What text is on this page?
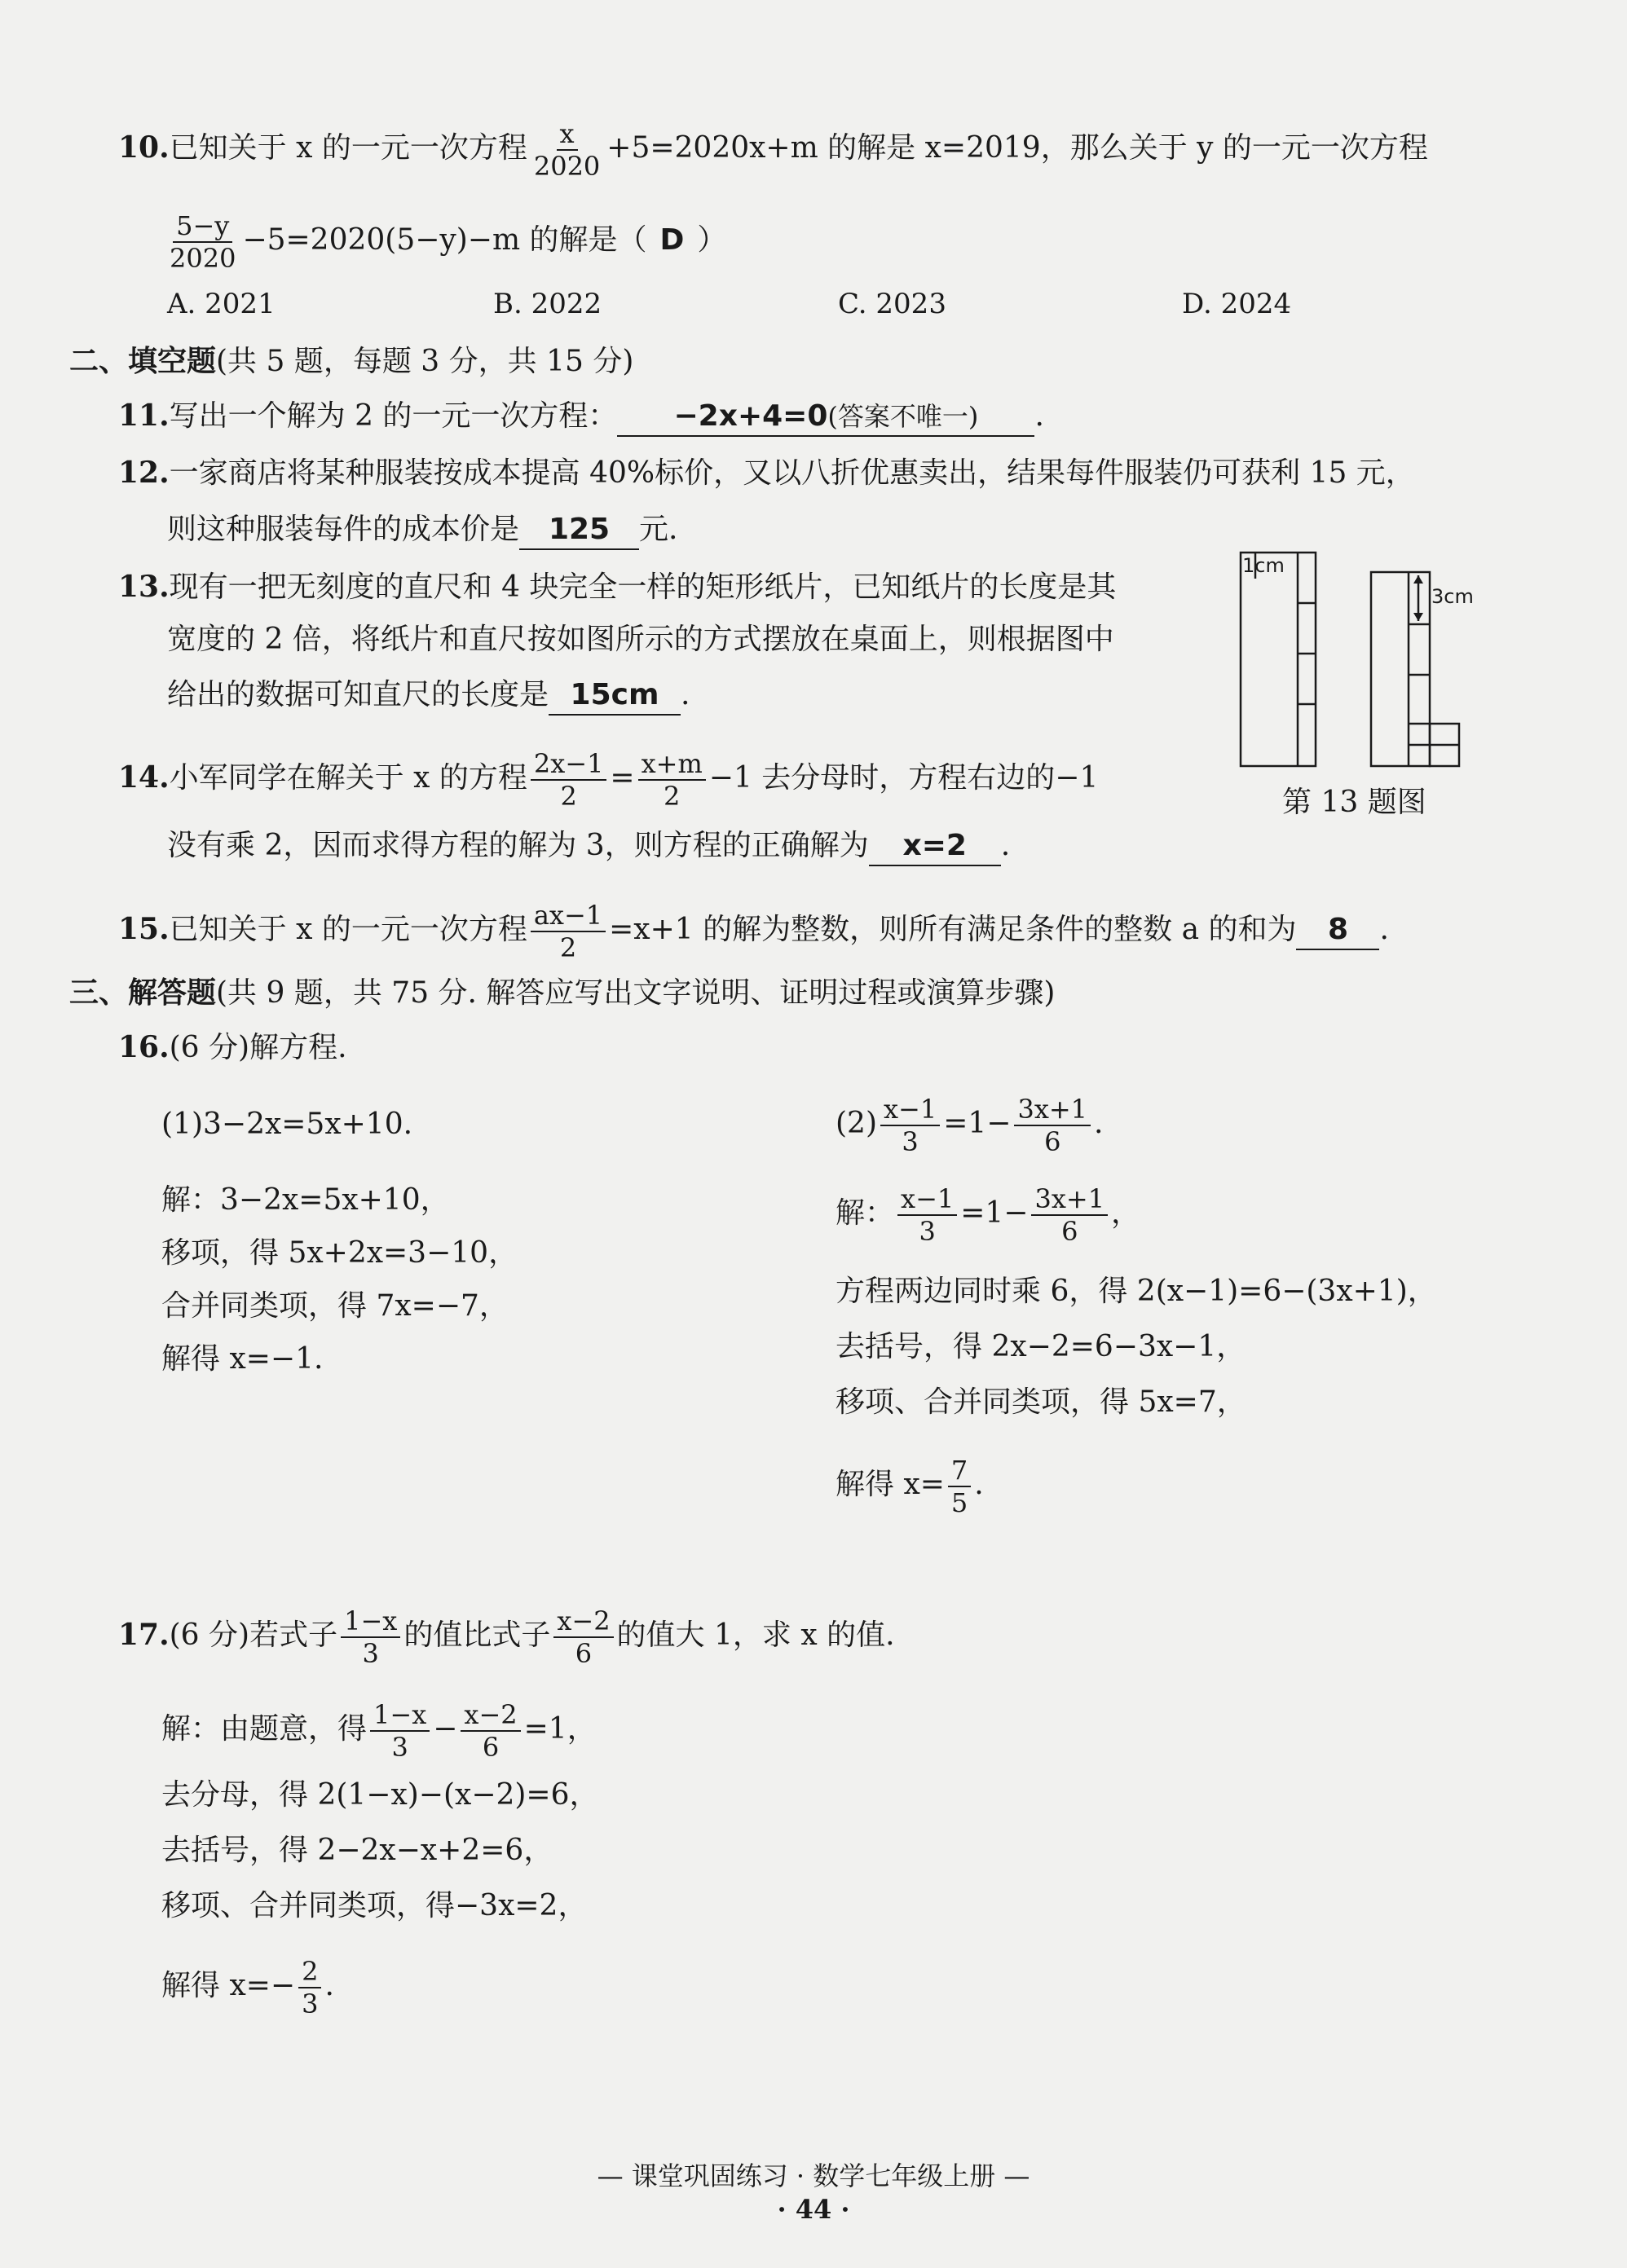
10.已知关于 x 的一元一次方程 $\frac{x}{2020} +5=2020x+m$ 的解是 x=2019，那么关于 y 的一元一次方程
$\frac{5-y}{2020} -5=2020(5-y)-m$ 的解是（ D ）
A. 2021	B. 2022	C. 2023	D. 2024
二、填空题(共 5 题，每题 3 分，共 15 分)
11.写出一个解为 2 的一元一次方程： −2x+4=0(答案不唯一) .
12.一家商店将某种服装按成本提高 40%标价，又以八折优惠卖出，结果每件服装仍可获利 15 元，
则这种服装每件的成本价是 125 元.
13.现有一把无刻度的直尺和 4 块完全一样的矩形纸片，已知纸片的长度是其
宽度的 2 倍，将纸片和直尺按如图所示的方式摆放在桌面上，则根据图中
给出的数据可知直尺的长度是 15cm .
1cm
3cm
第 13 题图
14.小军同学在解关于 x 的方程 $\frac{2x-1}{2} = \frac{x+m}{2} -1$ 去分母时，方程右边的−1
没有乘 2，因而求得方程的解为 3，则方程的正确解为 x=2 .
15.已知关于 x 的一元一次方程 $\frac{ax-1}{2} =x+1$ 的解为整数，则所有满足条件的整数 a 的和为 8 .
三、解答题(共 9 题，共 75 分. 解答应写出文字说明、证明过程或演算步骤)
16.(6 分)解方程.
(1)3−2x=5x+10.
解：3−2x=5x+10，
移项，得 5x+2x=3−10，
合并同类项，得 7x=−7，
解得 x=−1.
$(2) \frac{x-1}{3} =1- \frac{3x+1}{6}$ .
解： $\frac{x-1}{3} =1- \frac{3x+1}{6}$ ，
方程两边同时乘 6，得 2(x−1)=6−(3x+1)，
去括号，得 2x−2=6−3x−1，
移项、合并同类项，得 5x=7，
解得 $x= \frac{7}{5}$ .
17.(6 分)若式子 $\frac{1-x}{3}$ 的值比式子 $\frac{x-2}{6}$ 的值大 1，求 x 的值.
解：由题意，得 $\frac{1-x}{3} - \frac{x-2}{6} =1$，
去分母，得 2(1−x)−(x−2)=6，
去括号，得 2−2x−x+2=6，
移项、合并同类项，得−3x=2，
解得 $x=- \frac{2}{3}$ .
— 课堂巩固练习 · 数学七年级上册 —
· 44 ·
